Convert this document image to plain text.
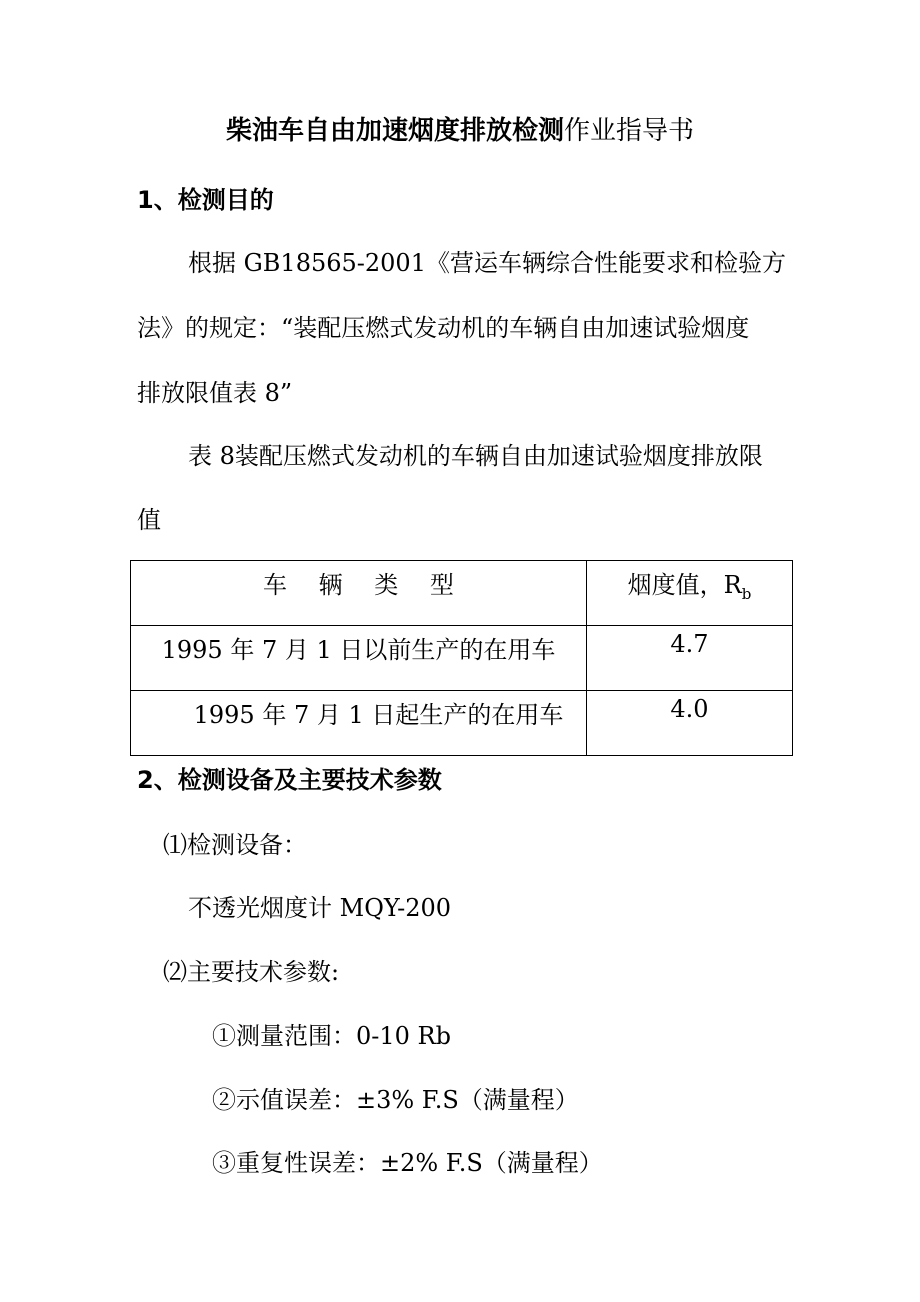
柴油车自由加速烟度排放检测作业指导书
1、检测目的
根据 GB18565-2001《营运车辆综合性能要求和检验方
法》的规定：“装配压燃式发动机的车辆自由加速试验烟度
排放限值表 8”
表 8装配压燃式发动机的车辆自由加速试验烟度排放限
值
车　 辆　 类　 型	烟度值，$R_b$

1995 年 7 月 1 日以前生产的在用车	4.7

1995 年 7 月 1 日起生产的在用车	4.0
2、检测设备及主要技术参数
⑴检测设备：
不透光烟度计 MQY-200
⑵主要技术参数:
①测量范围：0-10 Rb
②示值误差：±3% F.S（满量程）
③重复性误差：±2% F.S（满量程）
